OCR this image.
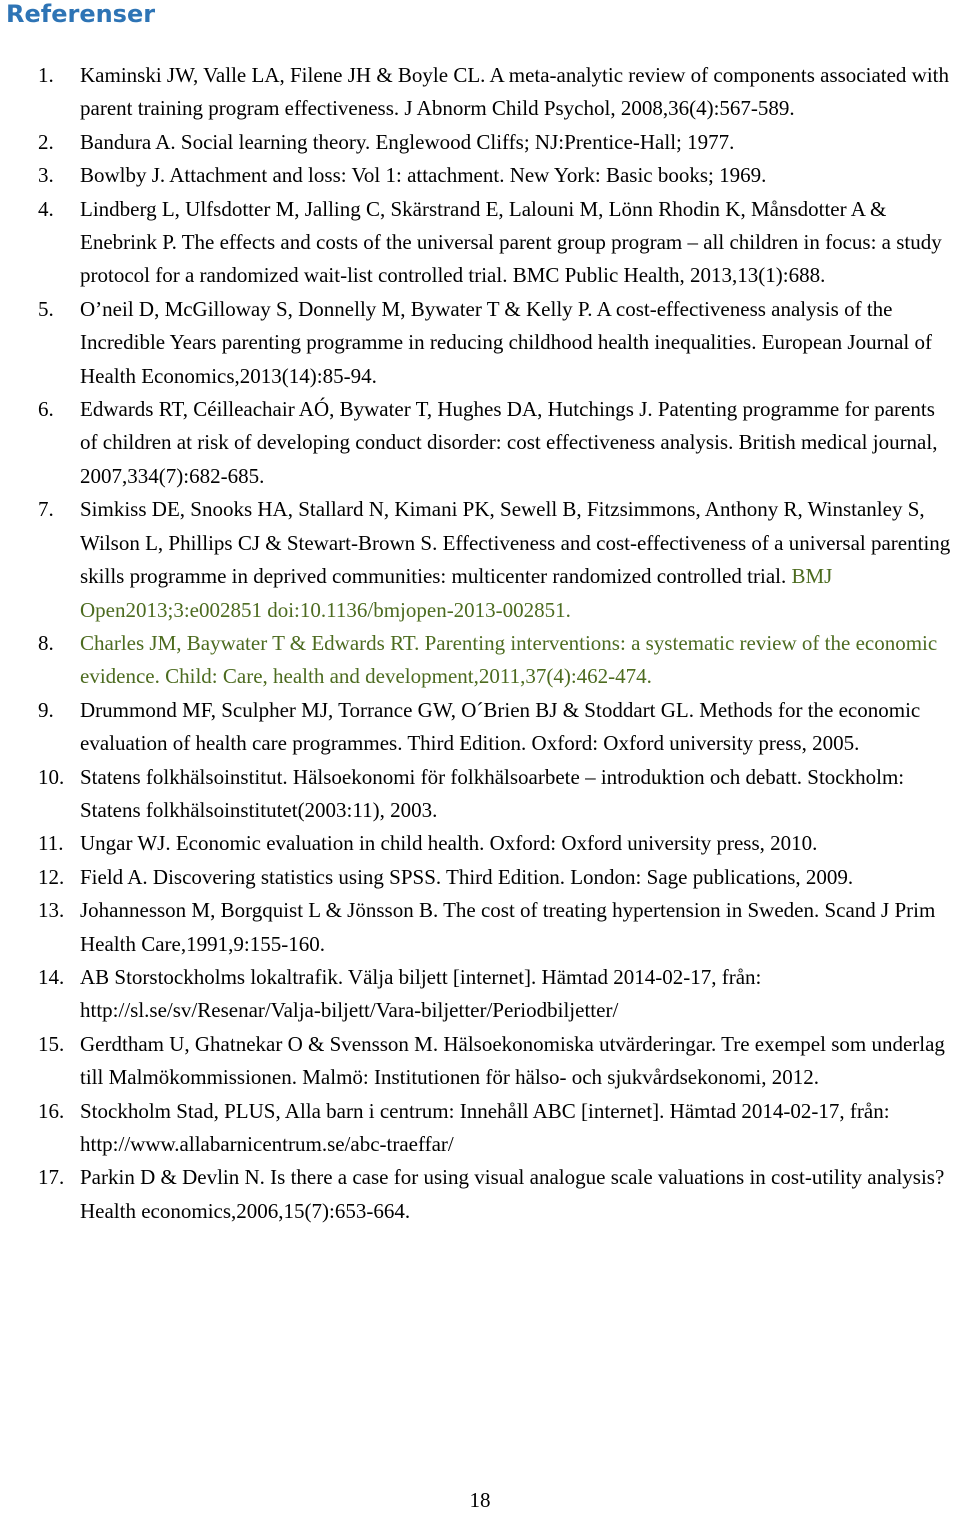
Referenser
1. Kaminski JW, Valle LA, Filene JH & Boyle CL. A meta-analytic review of components associated with parent training program effectiveness. J Abnorm Child Psychol, 2008,36(4):567-589.
2. Bandura A. Social learning theory. Englewood Cliffs; NJ:Prentice-Hall; 1977.
3. Bowlby J. Attachment and loss: Vol 1: attachment. New York: Basic books; 1969.
4. Lindberg L, Ulfsdotter M, Jalling C, Skärstrand E, Lalouni M, Lönn Rhodin K, Månsdotter A & Enebrink P. The effects and costs of the universal parent group program – all children in focus: a study protocol for a randomized wait-list controlled trial. BMC Public Health, 2013,13(1):688.
5. O’neil D, McGilloway S, Donnelly M, Bywater T & Kelly P. A cost-effectiveness analysis of the Incredible Years parenting programme in reducing childhood health inequalities. European Journal of Health Economics,2013(14):85-94.
6. Edwards RT, Céilleachair AÓ, Bywater T, Hughes DA, Hutchings J. Patenting programme for parents of children at risk of developing conduct disorder: cost effectiveness analysis. British medical journal, 2007,334(7):682-685.
7. Simkiss DE, Snooks HA, Stallard N, Kimani PK, Sewell B, Fitzsimmons, Anthony R, Winstanley S, Wilson L, Phillips CJ & Stewart-Brown S. Effectiveness and cost-effectiveness of a universal parenting skills programme in deprived communities: multicenter randomized controlled trial. BMJ Open2013;3:e002851 doi:10.1136/bmjopen-2013-002851.
8. Charles JM, Baywater T & Edwards RT. Parenting interventions: a systematic review of the economic evidence. Child: Care, health and development,2011,37(4):462-474.
9. Drummond MF, Sculpher MJ, Torrance GW, O´Brien BJ & Stoddart GL. Methods for the economic evaluation of health care programmes. Third Edition. Oxford: Oxford university press, 2005.
10. Statens folkhälsoinstitut. Hälsoekonomi för folkhälsoarbete – introduktion och debatt. Stockholm: Statens folkhälsoinstitutet(2003:11), 2003.
11. Ungar WJ. Economic evaluation in child health. Oxford: Oxford university press, 2010.
12. Field A. Discovering statistics using SPSS. Third Edition. London: Sage publications, 2009.
13. Johannesson M, Borgquist L & Jönsson B. The cost of treating hypertension in Sweden. Scand J Prim Health Care,1991,9:155-160.
14. AB Storstockholms lokaltrafik. Välja biljett [internet]. Hämtad 2014-02-17, från: http://sl.se/sv/Resenar/Valja-biljett/Vara-biljetter/Periodbiljetter/
15. Gerdtham U, Ghatnekar O & Svensson M. Hälsoekonomiska utvärderingar. Tre exempel som underlag till Malmökommissionen. Malmö: Institutionen för hälso- och sjukvårdsekonomi, 2012.
16. Stockholm Stad, PLUS, Alla barn i centrum: Innehåll ABC [internet]. Hämtad 2014-02-17, från: http://www.allabarnicentrum.se/abc-traeffar/
17. Parkin D & Devlin N. Is there a case for using visual analogue scale valuations in cost-utility analysis? Health economics,2006,15(7):653-664.
18
